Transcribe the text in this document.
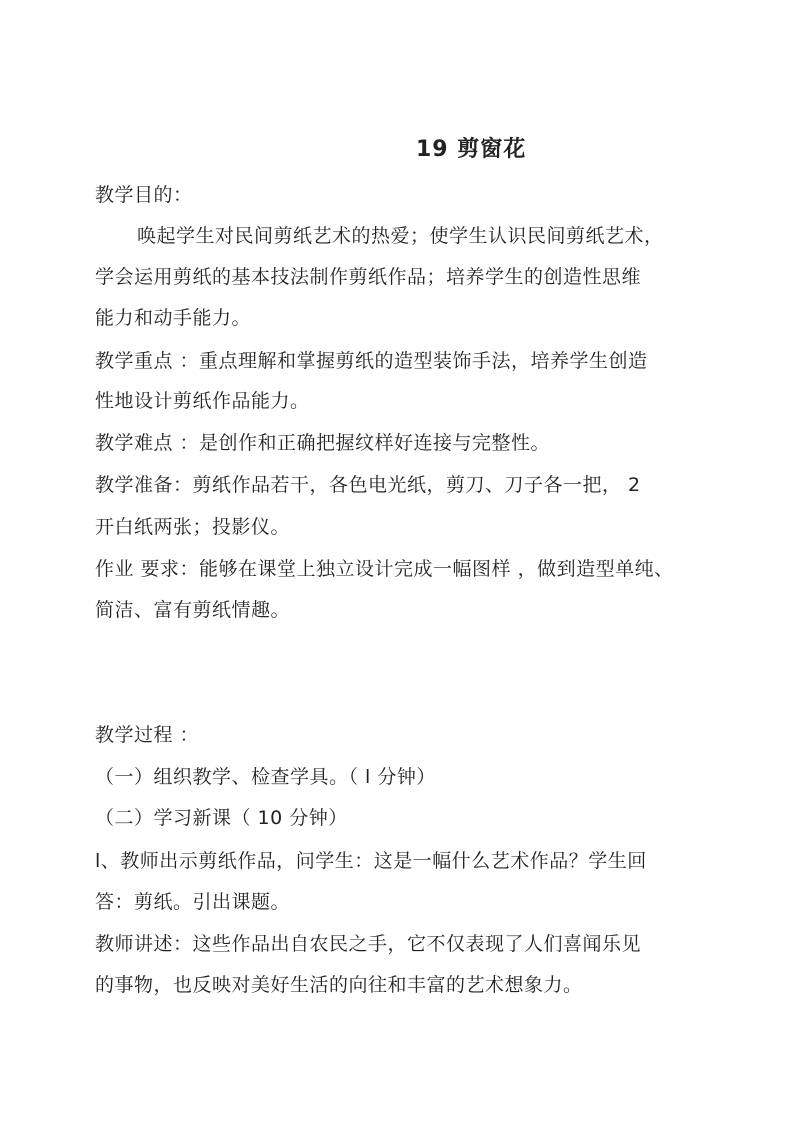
19 剪窗花
教学目的：
唤起学生对民间剪纸艺术的热爱；使学生认识民间剪纸艺术，
学会运用剪纸的基本技法制作剪纸作品；培养学生的创造性思维
能力和动手能力。
教学重点 ：重点理解和掌握剪纸的造型装饰手法，培养学生创造
性地设计剪纸作品能力。
教学难点 ：是创作和正确把握纹样好连接与完整性。
教学准备：剪纸作品若干，各色电光纸，剪刀、刀子各一把， 2
开白纸两张；投影仪。
作业 要求：能够在课堂上独立设计完成一幅图样 ，做到造型单纯、
简洁、富有剪纸情趣。
教学过程 ：
（一）组织教学、检查学具。（ l 分钟）
（二）学习新课（ 10 分钟）
l、教师出示剪纸作品，问学生：这是一幅什么艺术作品？学生回
答：剪纸。引出课题。
教师讲述：这些作品出自农民之手，它不仅表现了人们喜闻乐见
的事物，也反映对美好生活的向往和丰富的艺术想象力。
